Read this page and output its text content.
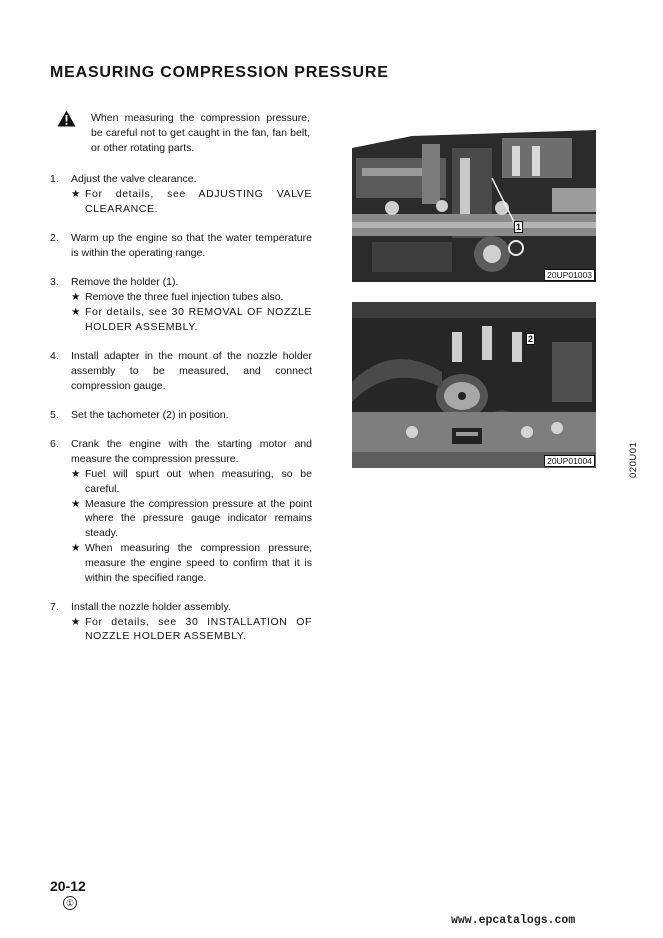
MEASURING COMPRESSION PRESSURE
When measuring the compression pressure, be careful not to get caught in the fan, fan belt, or other rotating parts.
1. Adjust the valve clearance.
★ For details, see ADJUSTING VALVE CLEARANCE.
2. Warm up the engine so that the water temperature is within the operating range.
3. Remove the holder (1).
★ Remove the three fuel injection tubes also.
★ For details, see 30 REMOVAL OF NOZZLE HOLDER ASSEMBLY.
4. Install adapter in the mount of the nozzle holder assembly to be measured, and connect compression gauge.
5. Set the tachometer (2) in position.
6. Crank the engine with the starting motor and measure the compression pressure.
★ Fuel will spurt out when measuring, so be careful.
★ Measure the compression pressure at the point where the pressure gauge indicator remains steady.
★ When measuring the compression pressure, measure the engine speed to confirm that it is within the specified range.
7. Install the nozzle holder assembly.
★ For details, see 30 INSTALLATION OF NOZZLE HOLDER ASSEMBLY.
1
20UP01003
2
20UP01004	020U01
20-12
①
www.epcatalogs.com
